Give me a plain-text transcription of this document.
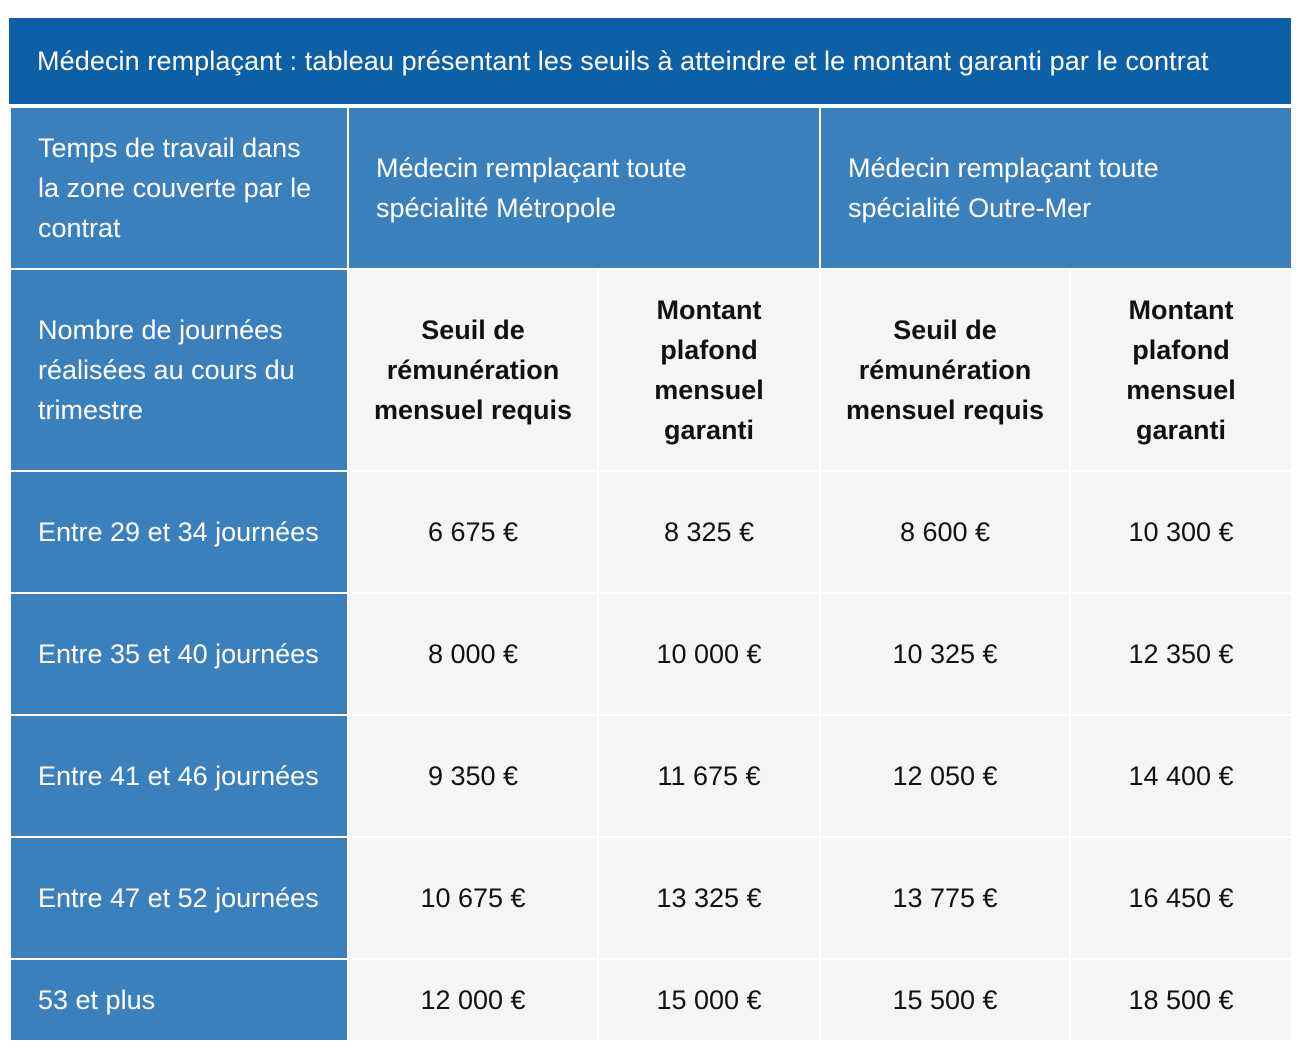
Médecin remplaçant : tableau présentant les seuils à atteindre et le montant garanti par le contrat
Temps de travail dans la zone couverte par le contrat	Médecin remplaçant toute spécialité Métropole		Médecin remplaçant toute spécialité Outre-Mer	
Nombre de journées réalisées au cours du trimestre	Seuil de rémunération mensuel requis	Montant plafond mensuel garanti	Seuil de rémunération mensuel requis	Montant plafond mensuel garanti
Entre 29 et 34 journées	6 675 €	8 325 €	8 600 €	10 300 €
Entre 35 et 40 journées	8 000 €	10 000 €	10 325 €	12 350 €
Entre 41 et 46 journées	9 350 €	11 675 €	12 050 €	14 400 €
Entre 47 et 52 journées	10 675 €	13 325 €	13 775 €	16 450 €
53 et plus	12 000 €	15 000 €	15 500 €	18 500 €
